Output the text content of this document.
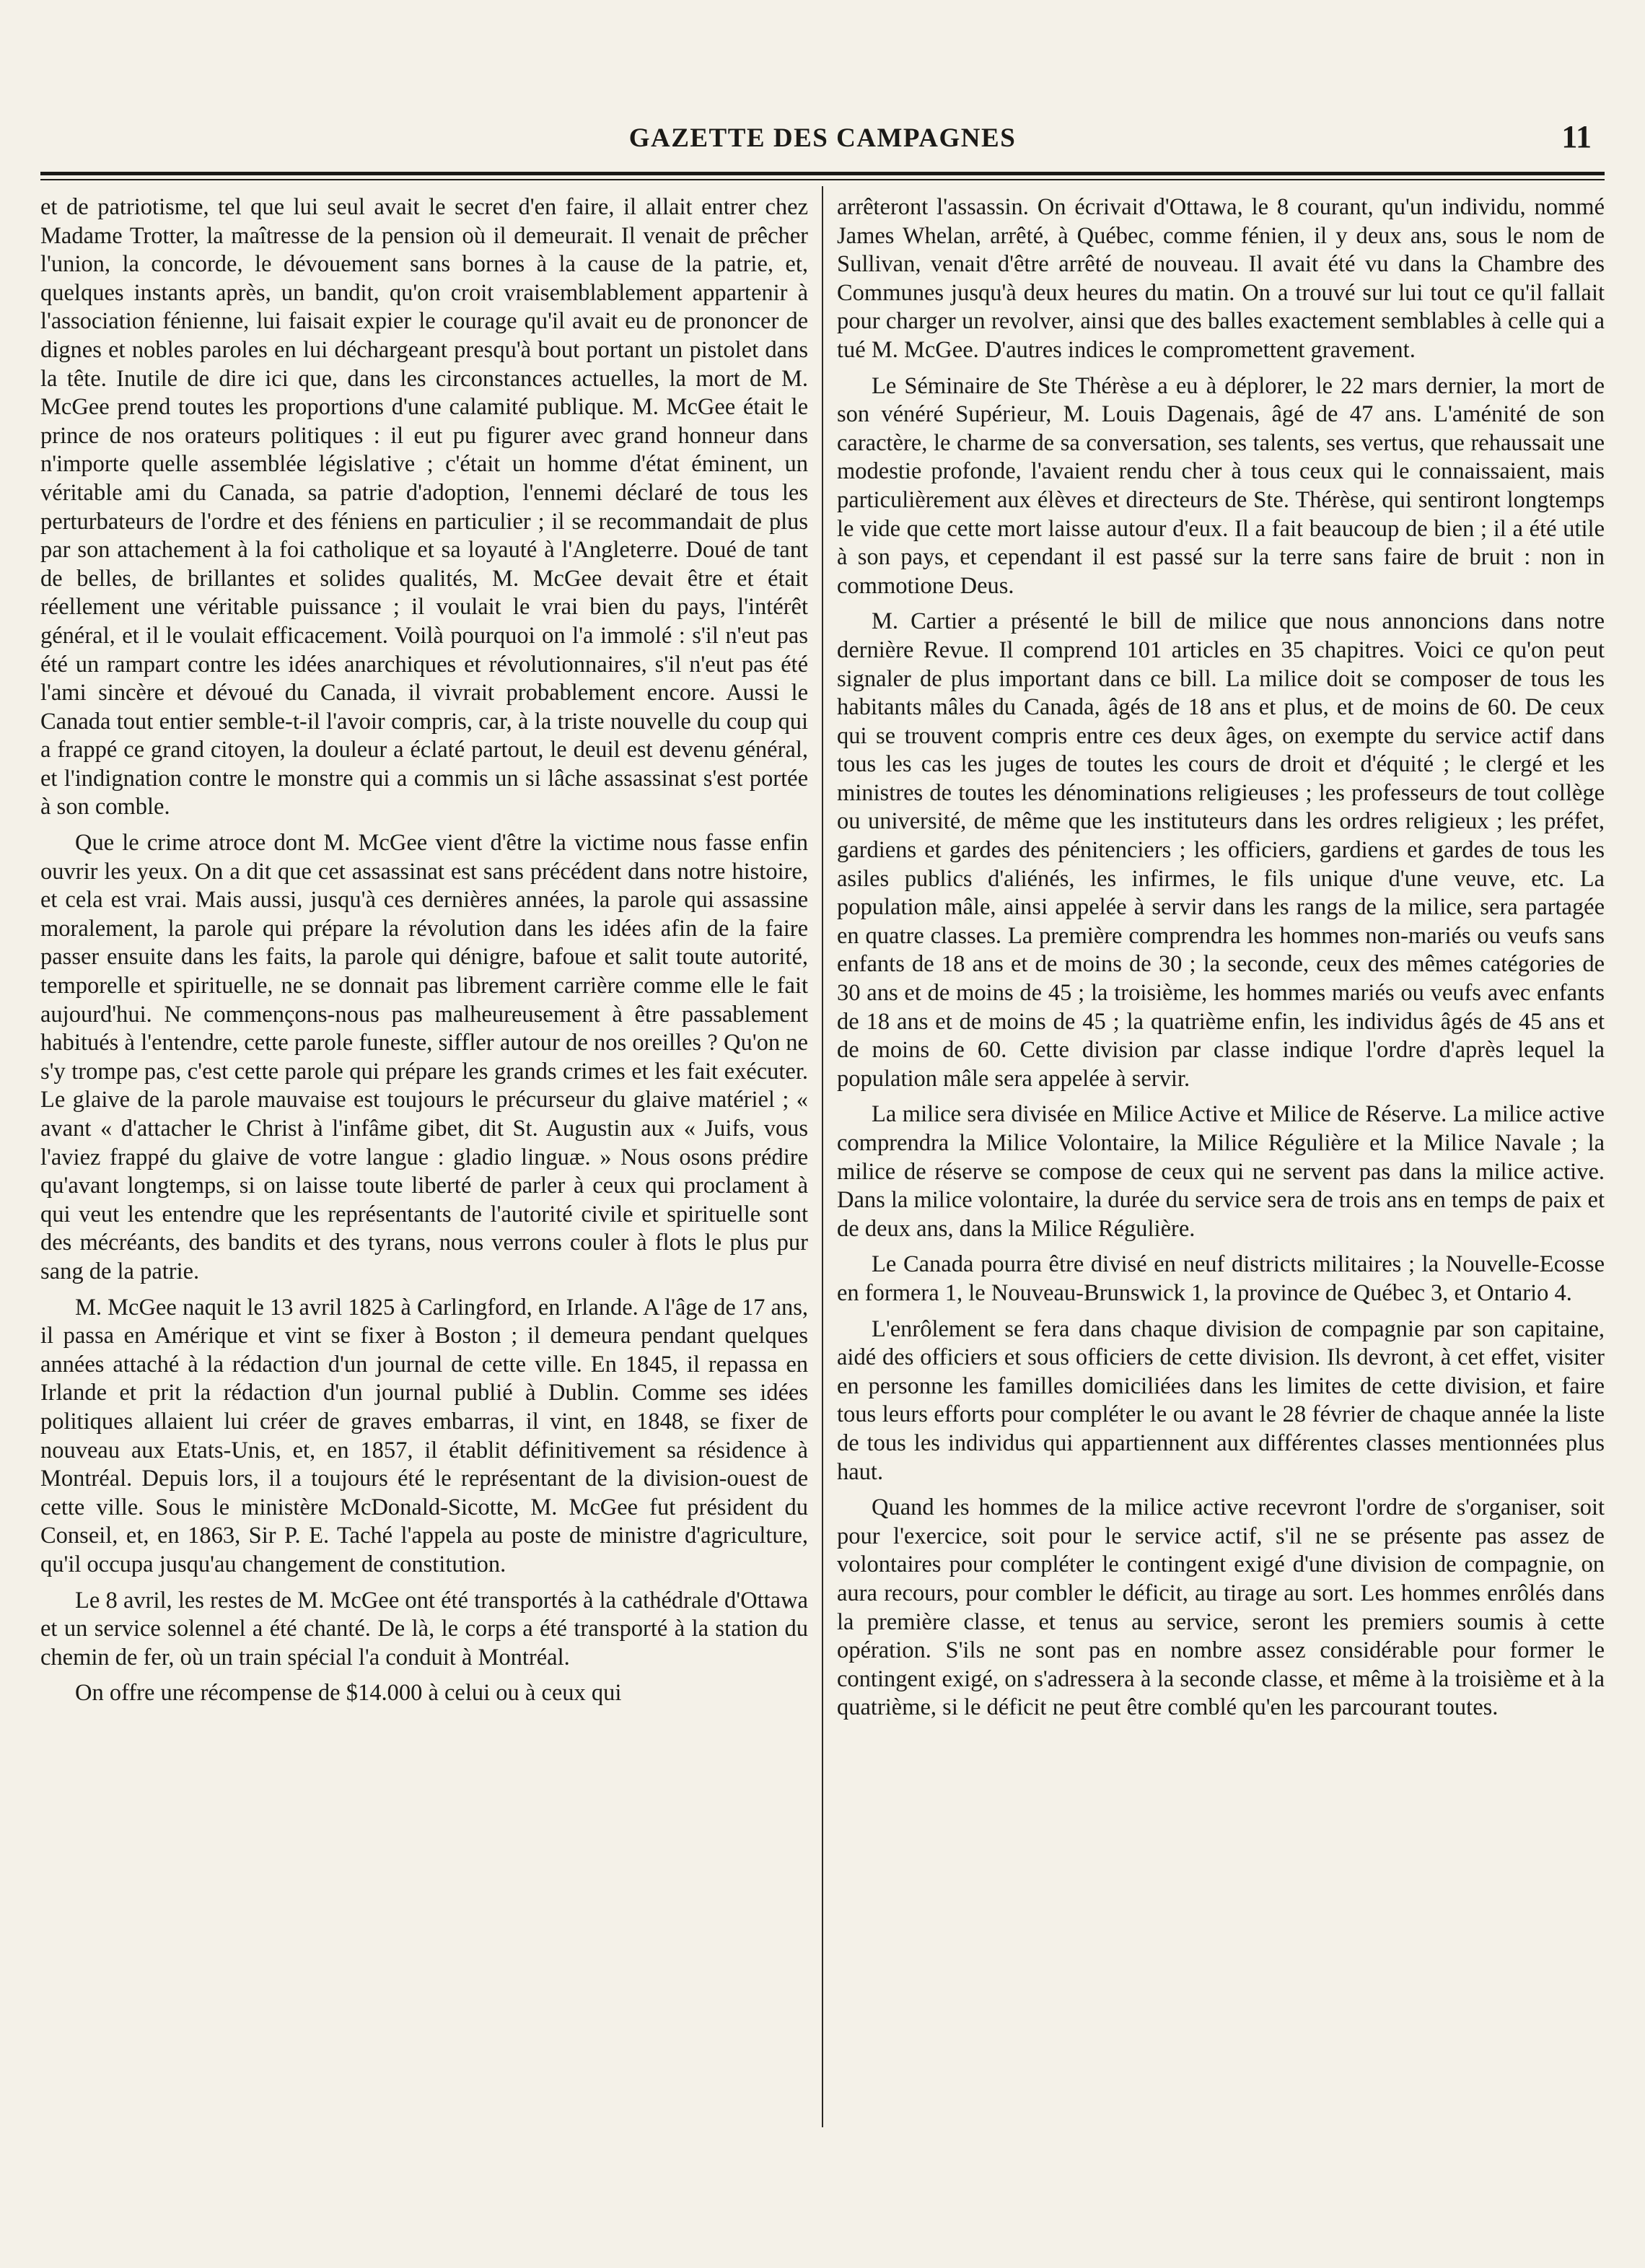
GAZETTE DES CAMPAGNES	11

et de patriotisme, tel que lui seul avait le secret d'en faire, il allait entrer chez Madame Trotter, la maîtresse de la pension où il demeurait. Il venait de prêcher l'union, la concorde, le dévouement sans bornes à la cause de la patrie, et, quelques instants après, un bandit, qu'on croit vraisemblablement appartenir à l'association fénienne, lui faisait expier le courage qu'il avait eu de prononcer de dignes et nobles paroles en lui déchargeant presqu'à bout portant un pistolet dans la tête. Inutile de dire ici que, dans les circonstances actuelles, la mort de M. McGee prend toutes les proportions d'une calamité publique. M. McGee était le prince de nos orateurs politiques : il eut pu figurer avec grand honneur dans n'importe quelle assemblée législative ; c'était un homme d'état éminent, un véritable ami du Canada, sa patrie d'adoption, l'ennemi déclaré de tous les perturbateurs de l'ordre et des féniens en particulier ; il se recommandait de plus par son attachement à la foi catholique et sa loyauté à l'Angleterre. Doué de tant de belles, de brillantes et solides qualités, M. McGee devait être et était réellement une véritable puissance ; il voulait le vrai bien du pays, l'intérêt général, et il le voulait efficacement. Voilà pourquoi on l'a immolé : s'il n'eut pas été un rampart contre les idées anarchiques et révolutionnaires, s'il n'eut pas été l'ami sincère et dévoué du Canada, il vivrait probablement encore. Aussi le Canada tout entier semble-t-il l'avoir compris, car, à la triste nouvelle du coup qui a frappé ce grand citoyen, la douleur a éclaté partout, le deuil est devenu général, et l'indignation contre le monstre qui a commis un si lâche assassinat s'est portée à son comble.

Que le crime atroce dont M. McGee vient d'être la victime nous fasse enfin ouvrir les yeux. On a dit que cet assassinat est sans précédent dans notre histoire, et cela est vrai. Mais aussi, jusqu'à ces dernières années, la parole qui assassine moralement, la parole qui prépare la révolution dans les idées afin de la faire passer ensuite dans les faits, la parole qui dénigre, bafoue et salit toute autorité, temporelle et spirituelle, ne se donnait pas librement carrière comme elle le fait aujourd'hui. Ne commençons-nous pas malheureusement à être passablement habitués à l'entendre, cette parole funeste, siffler autour de nos oreilles ? Qu'on ne s'y trompe pas, c'est cette parole qui prépare les grands crimes et les fait exécuter. Le glaive de la parole mauvaise est toujours le précurseur du glaive matériel ; « avant « d'attacher le Christ à l'infâme gibet, dit St. Augustin aux « Juifs, vous l'aviez frappé du glaive de votre langue : gladio linguæ. » Nous osons prédire qu'avant longtemps, si on laisse toute liberté de parler à ceux qui proclament à qui veut les entendre que les représentants de l'autorité civile et spirituelle sont des mécréants, des bandits et des tyrans, nous verrons couler à flots le plus pur sang de la patrie.

M. McGee naquit le 13 avril 1825 à Carlingford, en Irlande. A l'âge de 17 ans, il passa en Amérique et vint se fixer à Boston ; il demeura pendant quelques années attaché à la rédaction d'un journal de cette ville. En 1845, il repassa en Irlande et prit la rédaction d'un journal publié à Dublin. Comme ses idées politiques allaient lui créer de graves embarras, il vint, en 1848, se fixer de nouveau aux Etats-Unis, et, en 1857, il établit définitivement sa résidence à Montréal. Depuis lors, il a toujours été le représentant de la division-ouest de cette ville. Sous le ministère McDonald-Sicotte, M. McGee fut président du Conseil, et, en 1863, Sir P. E. Taché l'appela au poste de ministre d'agriculture, qu'il occupa jusqu'au changement de constitution.

Le 8 avril, les restes de M. McGee ont été transportés à la cathédrale d'Ottawa et un service solennel a été chanté. De là, le corps a été transporté à la station du chemin de fer, où un train spécial l'a conduit à Montréal.

On offre une récompense de $14.000 à celui ou à ceux qui

arrêteront l'assassin. On écrivait d'Ottawa, le 8 courant, qu'un individu, nommé James Whelan, arrêté, à Québec, comme fénien, il y deux ans, sous le nom de Sullivan, venait d'être arrêté de nouveau. Il avait été vu dans la Chambre des Communes jusqu'à deux heures du matin. On a trouvé sur lui tout ce qu'il fallait pour charger un revolver, ainsi que des balles exactement semblables à celle qui a tué M. McGee. D'autres indices le compromettent gravement.

Le Séminaire de Ste Thérèse a eu à déplorer, le 22 mars dernier, la mort de son vénéré Supérieur, M. Louis Dagenais, âgé de 47 ans. L'aménité de son caractère, le charme de sa conversation, ses talents, ses vertus, que rehaussait une modestie profonde, l'avaient rendu cher à tous ceux qui le connaissaient, mais particulièrement aux élèves et directeurs de Ste. Thérèse, qui sentiront longtemps le vide que cette mort laisse autour d'eux. Il a fait beaucoup de bien ; il a été utile à son pays, et cependant il est passé sur la terre sans faire de bruit : non in commotione Deus.

M. Cartier a présenté le bill de milice que nous annoncions dans notre dernière Revue. Il comprend 101 articles en 35 chapitres. Voici ce qu'on peut signaler de plus important dans ce bill. La milice doit se composer de tous les habitants mâles du Canada, âgés de 18 ans et plus, et de moins de 60. De ceux qui se trouvent compris entre ces deux âges, on exempte du service actif dans tous les cas les juges de toutes les cours de droit et d'équité ; le clergé et les ministres de toutes les dénominations religieuses ; les professeurs de tout collège ou université, de même que les instituteurs dans les ordres religieux ; les préfet, gardiens et gardes des pénitenciers ; les officiers, gardiens et gardes de tous les asiles publics d'aliénés, les infirmes, le fils unique d'une veuve, etc. La population mâle, ainsi appelée à servir dans les rangs de la milice, sera partagée en quatre classes. La première comprendra les hommes non-mariés ou veufs sans enfants de 18 ans et de moins de 30 ; la seconde, ceux des mêmes catégories de 30 ans et de moins de 45 ; la troisième, les hommes mariés ou veufs avec enfants de 18 ans et de moins de 45 ; la quatrième enfin, les individus âgés de 45 ans et de moins de 60. Cette division par classe indique l'ordre d'après lequel la population mâle sera appelée à servir.

La milice sera divisée en Milice Active et Milice de Réserve. La milice active comprendra la Milice Volontaire, la Milice Régulière et la Milice Navale ; la milice de réserve se compose de ceux qui ne servent pas dans la milice active. Dans la milice volontaire, la durée du service sera de trois ans en temps de paix et de deux ans, dans la Milice Régulière.

Le Canada pourra être divisé en neuf districts militaires ; la Nouvelle-Ecosse en formera 1, le Nouveau-Brunswick 1, la province de Québec 3, et Ontario 4.

L'enrôlement se fera dans chaque division de compagnie par son capitaine, aidé des officiers et sous officiers de cette division. Ils devront, à cet effet, visiter en personne les familles domiciliées dans les limites de cette division, et faire tous leurs efforts pour compléter le ou avant le 28 février de chaque année la liste de tous les individus qui appartiennent aux différentes classes mentionnées plus haut.

Quand les hommes de la milice active recevront l'ordre de s'organiser, soit pour l'exercice, soit pour le service actif, s'il ne se présente pas assez de volontaires pour compléter le contingent exigé d'une division de compagnie, on aura recours, pour combler le déficit, au tirage au sort. Les hommes enrôlés dans la première classe, et tenus au service, seront les premiers soumis à cette opération. S'ils ne sont pas en nombre assez considérable pour former le contingent exigé, on s'adressera à la seconde classe, et même à la troisième et à la quatrième, si le déficit ne peut être comblé qu'en les parcourant toutes.
